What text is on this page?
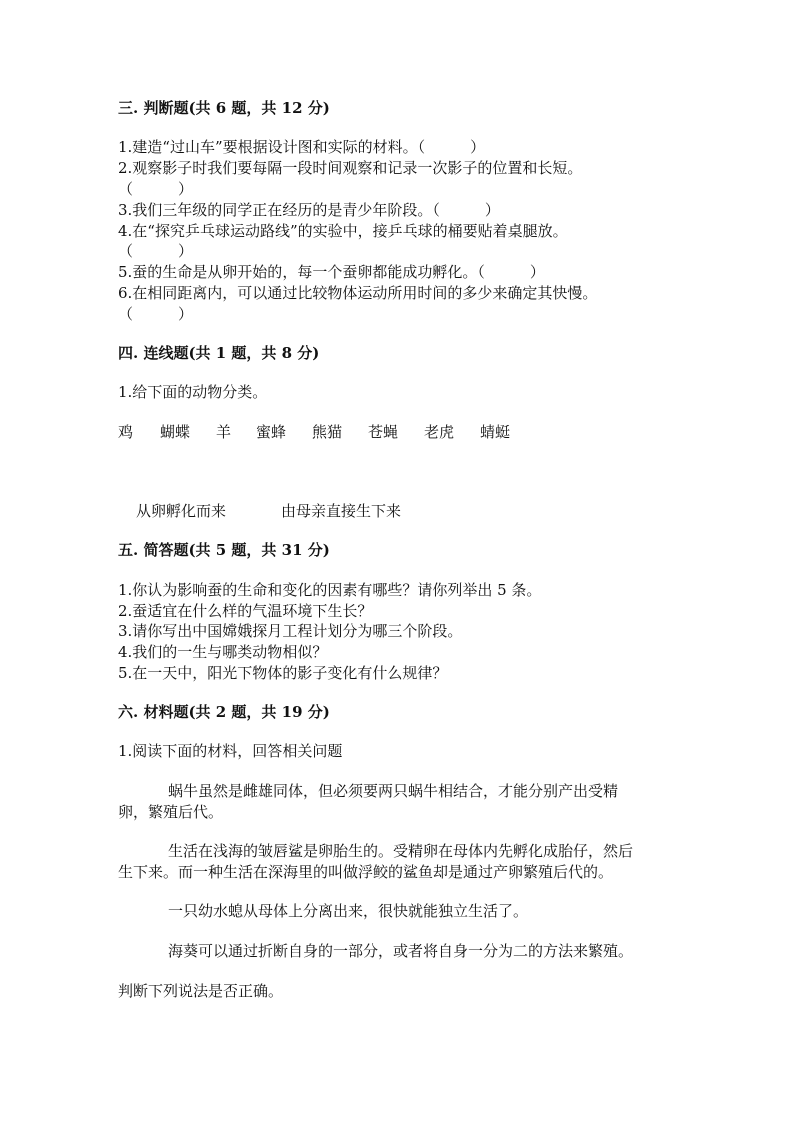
三. 判断题(共 6 题，共 12 分)
1.建造“过山车”要根据设计图和实际的材料。（　　　）
2.观察影子时我们要每隔一段时间观察和记录一次影子的位置和长短。
（　　　）
3.我们三年级的同学正在经历的是青少年阶段。（　　　）
4.在“探究乒乓球运动路线”的实验中，接乒乓球的桶要贴着桌腿放。
（　　　）
5.蚕的生命是从卵开始的，每一个蚕卵都能成功孵化。（　　　）
6.在相同距离内，可以通过比较物体运动所用时间的多少来确定其快慢。
（　　　）
四. 连线题(共 1 题，共 8 分)
1.给下面的动物分类。
鸡 蝴蝶 羊 蜜蜂 熊猫 苍蝇 老虎 蜻蜓
从卵孵化而来	由母亲直接生下来
五. 简答题(共 5 题，共 31 分)
1.你认为影响蚕的生命和变化的因素有哪些？请你列举出 5 条。
2.蚕适宜在什么样的气温环境下生长？
3.请你写出中国嫦娥探月工程计划分为哪三个阶段。
4.我们的一生与哪类动物相似？
5.在一天中，阳光下物体的影子变化有什么规律？
六. 材料题(共 2 题，共 19 分)
1.阅读下面的材料，回答相关问题
蜗牛虽然是雌雄同体，但必须要两只蜗牛相结合，才能分别产出受精
卵，繁殖后代。
生活在浅海的皱唇鲨是卵胎生的。受精卵在母体内先孵化成胎仔，然后
生下来。而一种生活在深海里的叫做浮鲛的鲨鱼却是通过产卵繁殖后代的。
一只幼水螅从母体上分离出来，很快就能独立生活了。
海葵可以通过折断自身的一部分，或者将自身一分为二的方法来繁殖。
判断下列说法是否正确。
